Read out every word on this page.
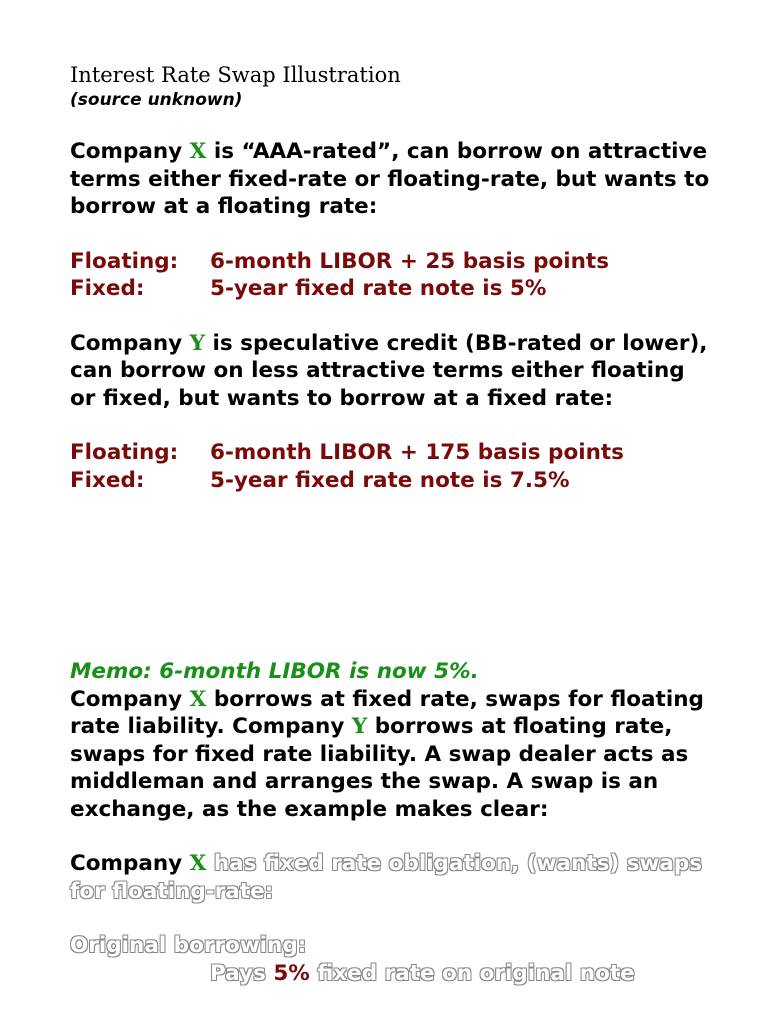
Interest Rate Swap Illustration

(source unknown)

Company X is “AAA-rated”, can borrow on attractive terms either fixed-rate or floating-rate, but wants to borrow at a floating rate:

Floating:	6-month LIBOR + 25 basis points
Fixed:	5-year fixed rate note is 5%

Company Y is speculative credit (BB-rated or lower), can borrow on less attractive terms either floating or fixed, but wants to borrow at a fixed rate:

Floating:	6-month LIBOR + 175 basis points
Fixed:	5-year fixed rate note is 7.5%

Memo: 6-month LIBOR is now 5%.

Company X borrows at fixed rate, swaps for floating rate liability. Company Y borrows at floating rate, swaps for fixed rate liability. A swap dealer acts as middleman and arranges the swap. A swap is an exchange, as the example makes clear:

Company X has fixed rate obligation, (wants) swaps for floating-rate:

Original borrowing:

Pays 5% fixed rate on original note
